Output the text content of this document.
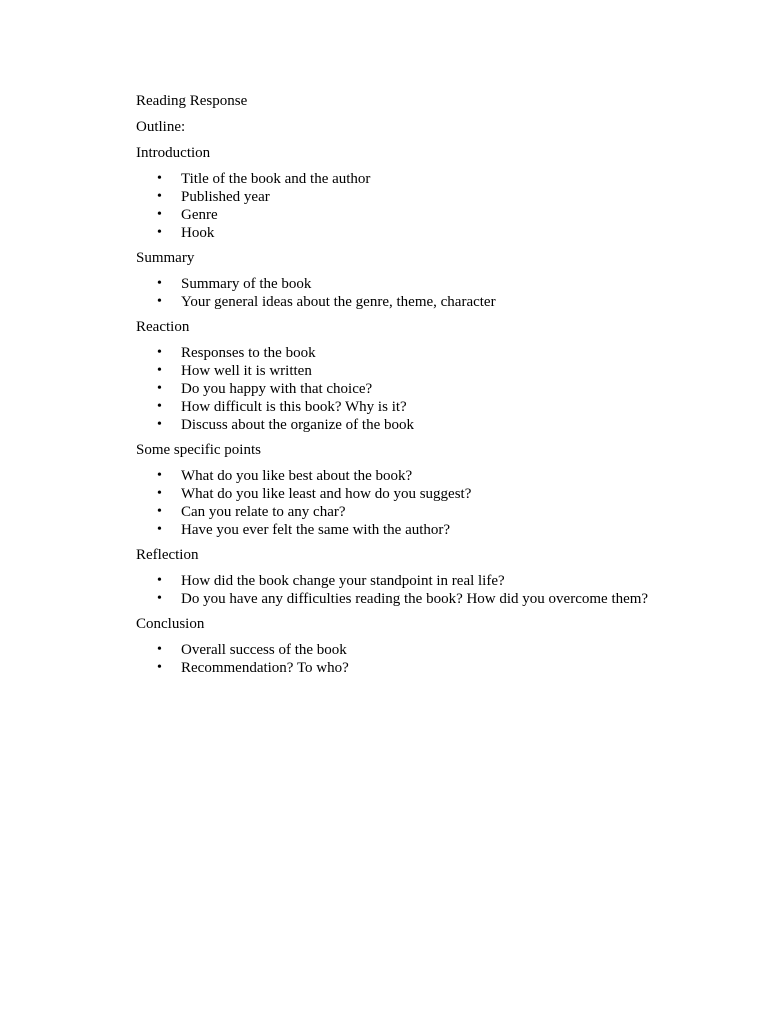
Reading Response

Outline:

Introduction

• Title of the book and the author
• Published year
• Genre
• Hook

Summary

• Summary of the book
• Your general ideas about the genre, theme, character

Reaction

• Responses to the book
• How well it is written
• Do you happy with that choice?
• How difficult is this book? Why is it?
• Discuss about the organize of the book

Some specific points

• What do you like best about the book?
• What do you like least and how do you suggest?
• Can you relate to any char?
• Have you ever felt the same with the author?

Reflection

• How did the book change your standpoint in real life?
• Do you have any difficulties reading the book? How did you overcome them?

Conclusion

• Overall success of the book
• Recommendation? To who?
